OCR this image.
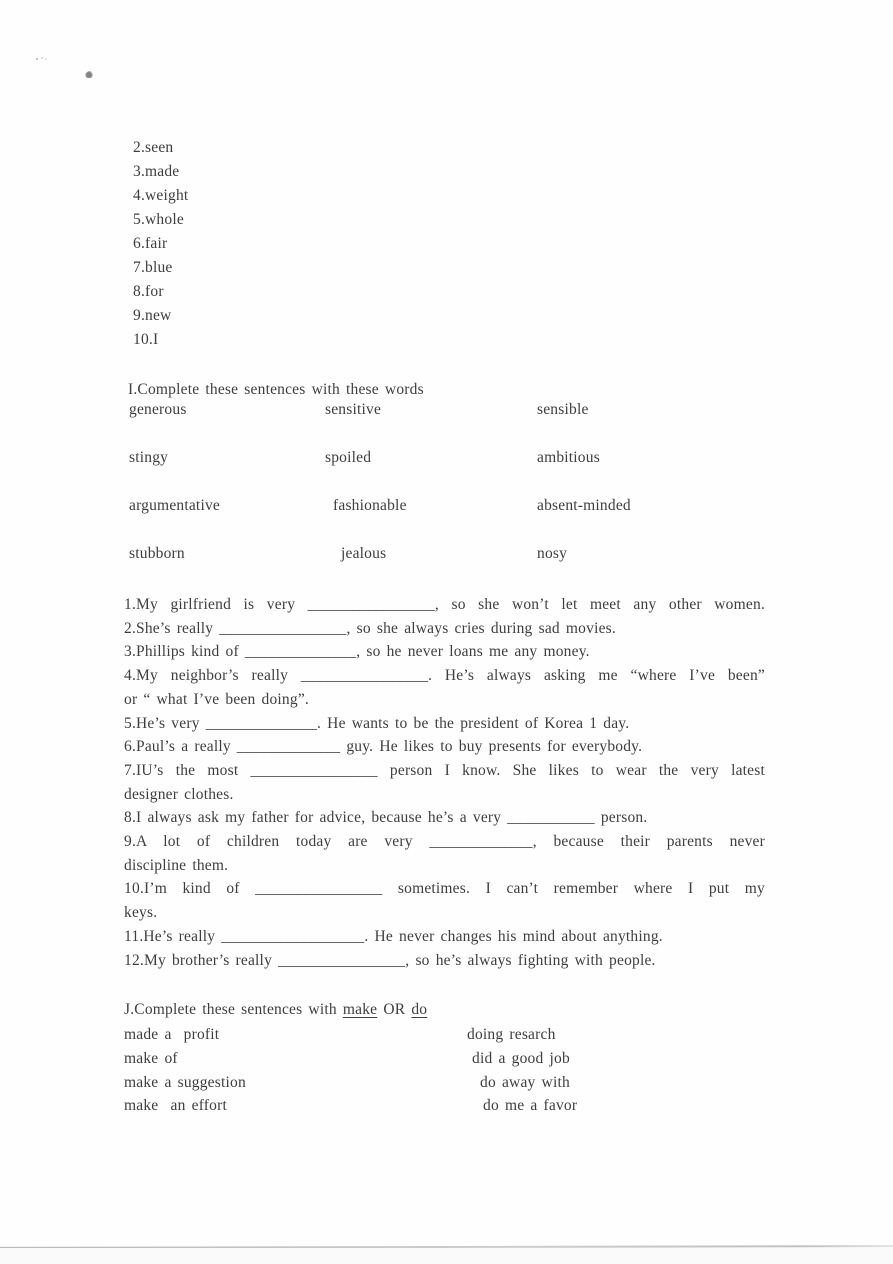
2.seen
3.made
4.weight
5.whole
6.fair
7.blue
8.for
9.new
10.I
I.Complete these sentences with these words
generous	sensitive	sensible
stingy	spoiled	ambitious
argumentative	fashionable	absent-minded
stubborn	jealous	nosy
1.My girlfriend is very ________________, so she won’t let meet any other women.
2.She’s really ________________, so she always cries during sad movies.
3.Phillips kind of ______________, so he never loans me any money.
4.My neighbor’s really ________________. He’s always asking me “where I’ve been”
or “ what I’ve been doing”.
5.He’s very ______________. He wants to be the president of Korea 1 day.
6.Paul’s a really _____________ guy. He likes to buy presents for everybody.
7.IU’s the most ________________ person I know. She likes to wear the very latest
designer clothes.
8.I always ask my father for advice, because he’s a very ___________ person.
9.A lot of children today are very _____________, because their parents never
discipline them.
10.I’m kind of ________________ sometimes. I can’t remember where I put my
keys.
11.He’s really __________________. He never changes his mind about anything.
12.My brother’s really ________________, so he’s always fighting with people.
J.Complete these sentences with make OR do
made a  profit	doing resarch
make of	did a good job
make a suggestion	do away with
make  an effort	do me a favor
